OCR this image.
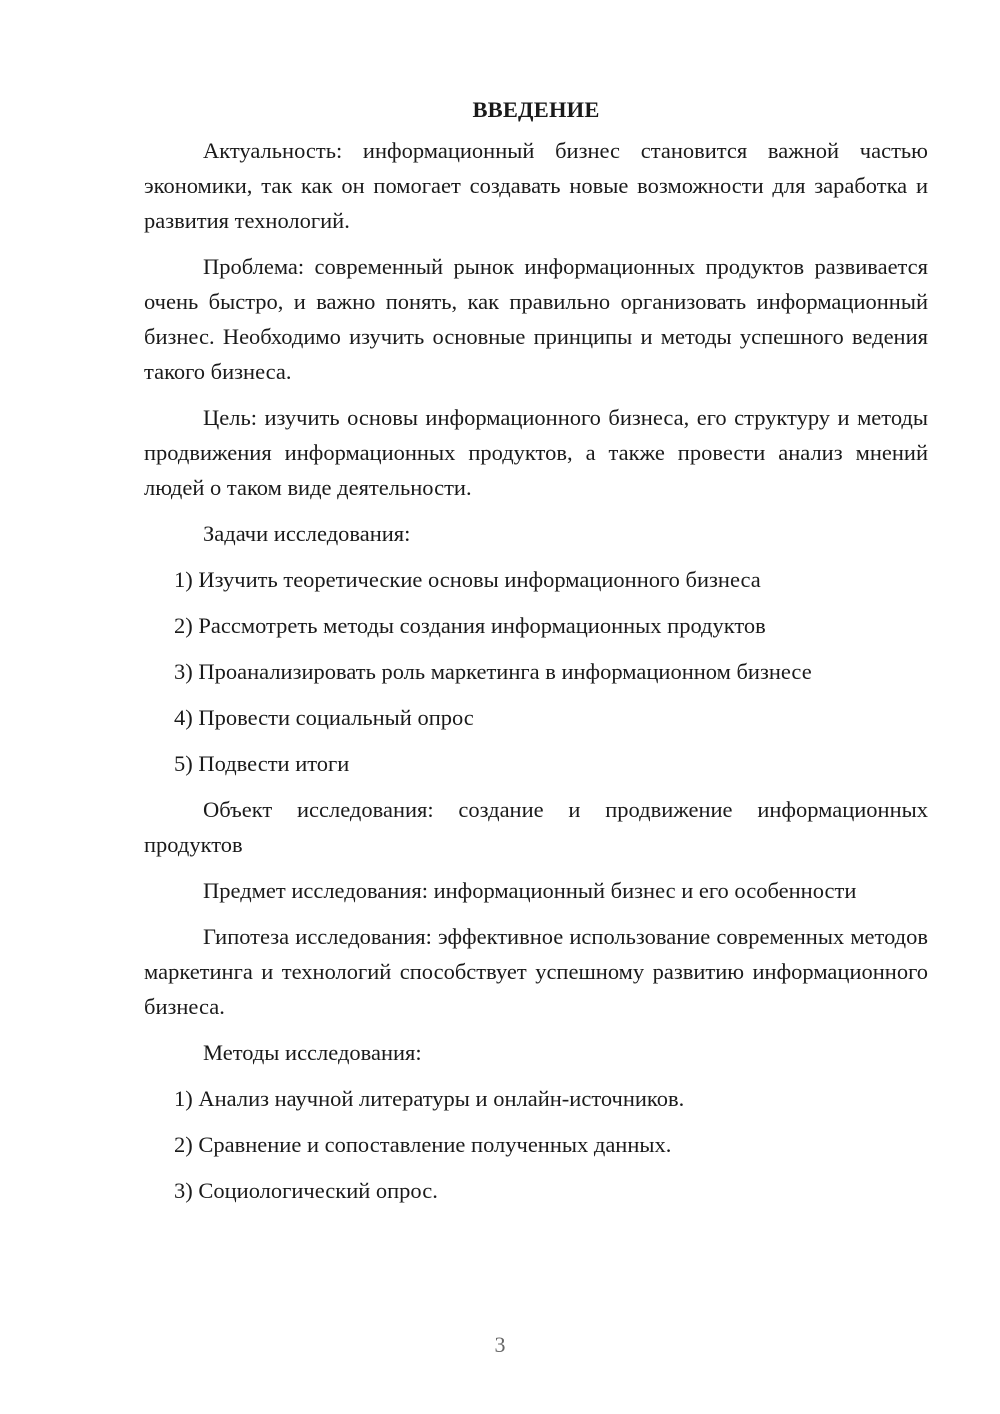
ВВЕДЕНИЕ

Актуальность: информационный бизнес становится важной частью экономики, так как он помогает создавать новые возможности для заработка и развития технологий.

Проблема: современный рынок информационных продуктов развивается очень быстро, и важно понять, как правильно организовать информационный бизнес. Необходимо изучить основные принципы и методы успешного ведения такого бизнеса.

Цель: изучить основы информационного бизнеса, его структуру и методы продвижения информационных продуктов, а также провести анализ мнений людей о таком виде деятельности.

Задачи исследования:

1) Изучить теоретические основы информационного бизнеса
2) Рассмотреть методы создания информационных продуктов
3) Проанализировать роль маркетинга в информационном бизнесе
4) Провести социальный опрос
5) Подвести итоги

Объект исследования: создание и продвижение информационных продуктов

Предмет исследования: информационный бизнес и его особенности

Гипотеза исследования: эффективное использование современных методов маркетинга и технологий способствует успешному развитию информационного бизнеса.

Методы исследования:

1) Анализ научной литературы и онлайн-источников.
2) Сравнение и сопоставление полученных данных.
3) Социологический опрос.
3
